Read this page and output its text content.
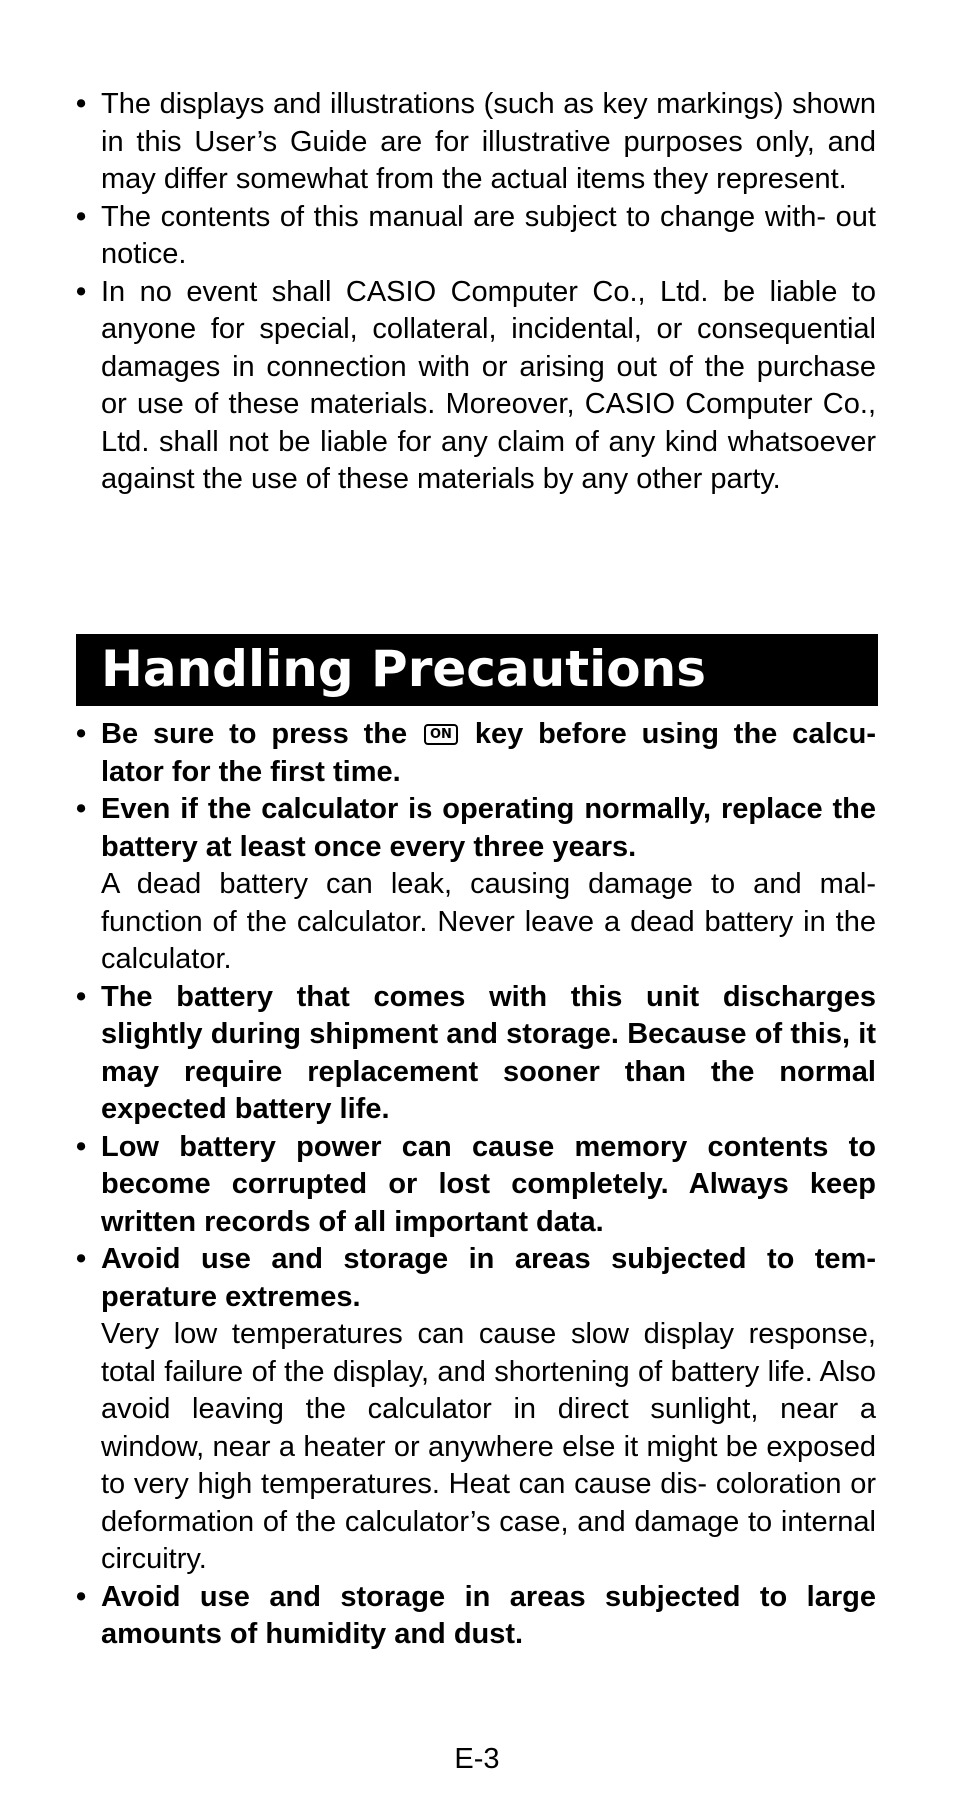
• The displays and illustrations (such as key markings) shown in this User’s Guide are for illustrative purposes only, and may differ somewhat from the actual items they represent.
• The contents of this manual are subject to change with- out notice.
• In no event shall CASIO Computer Co., Ltd. be liable to anyone for special, collateral, incidental, or consequential damages in connection with or arising out of the purchase or use of these materials. Moreover, CASIO Computer Co., Ltd. shall not be liable for any claim of any kind whatsoever against the use of these materials by any other party.
Handling Precautions
• Be sure to press the ON key before using the calcu- lator for the first time.
• Even if the calculator is operating normally, replace the battery at least once every three years.
A dead battery can leak, causing damage to and mal- function of the calculator. Never leave a dead battery in the calculator.
• The battery that comes with this unit discharges slightly during shipment and storage. Because of this, it may require replacement sooner than the normal expected battery life.
• Low battery power can cause memory contents to become corrupted or lost completely. Always keep written records of all important data.
• Avoid use and storage in areas subjected to tem- perature extremes.
Very low temperatures can cause slow display response, total failure of the display, and shortening of battery life. Also avoid leaving the calculator in direct sunlight, near a window, near a heater or anywhere else it might be exposed to very high temperatures. Heat can cause dis- coloration or deformation of the calculator’s case, and damage to internal circuitry.
• Avoid use and storage in areas subjected to large amounts of humidity and dust.
E-3
